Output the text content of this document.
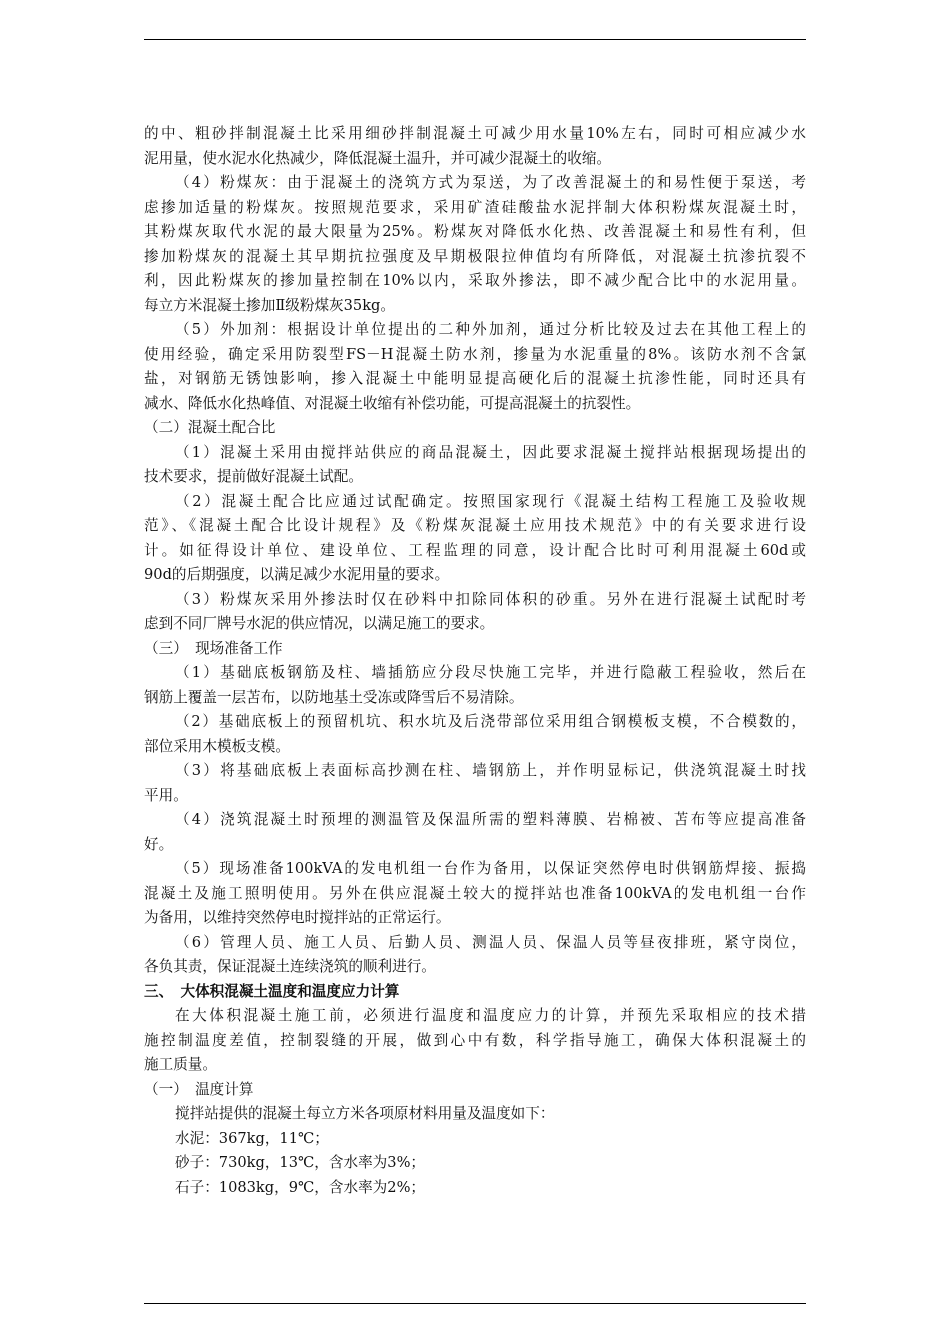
的中、粗砂拌制混凝土比采用细砂拌制混凝土可减少用水量10%左右，同时可相应减少水
泥用量，使水泥水化热减少，降低混凝土温升，并可减少混凝土的收缩。
（4）粉煤灰：由于混凝土的浇筑方式为泵送，为了改善混凝土的和易性便于泵送，考
虑掺加适量的粉煤灰。按照规范要求，采用矿渣硅酸盐水泥拌制大体积粉煤灰混凝土时，
其粉煤灰取代水泥的最大限量为25%。粉煤灰对降低水化热、改善混凝土和易性有利，但
掺加粉煤灰的混凝土其早期抗拉强度及早期极限拉伸值均有所降低，对混凝土抗渗抗裂不
利，因此粉煤灰的掺加量控制在10%以内，采取外掺法，即不减少配合比中的水泥用量。
每立方米混凝土掺加Ⅱ级粉煤灰35kg。
（5）外加剂：根据设计单位提出的二种外加剂，通过分析比较及过去在其他工程上的
使用经验，确定采用防裂型FS－H混凝土防水剂，掺量为水泥重量的8%。该防水剂不含氯
盐，对钢筋无锈蚀影响，掺入混凝土中能明显提高硬化后的混凝土抗渗性能，同时还具有
减水、降低水化热峰值、对混凝土收缩有补偿功能，可提高混凝土的抗裂性。
（二）混凝土配合比
（1）混凝土采用由搅拌站供应的商品混凝土，因此要求混凝土搅拌站根据现场提出的
技术要求，提前做好混凝土试配。
（2）混凝土配合比应通过试配确定。按照国家现行《混凝土结构工程施工及验收规
范》、《混凝土配合比设计规程》及《粉煤灰混凝土应用技术规范》中的有关要求进行设
计。如征得设计单位、建设单位、工程监理的同意，设计配合比时可利用混凝土60d或
90d的后期强度，以满足减少水泥用量的要求。
（3）粉煤灰采用外掺法时仅在砂料中扣除同体积的砂重。另外在进行混凝土试配时考
虑到不同厂牌号水泥的供应情况，以满足施工的要求。
（三）　现场准备工作
（1）基础底板钢筋及柱、墙插筋应分段尽快施工完毕，并进行隐蔽工程验收，然后在
钢筋上覆盖一层苫布，以防地基土受冻或降雪后不易清除。
（2）基础底板上的预留机坑、积水坑及后浇带部位采用组合钢模板支模，不合模数的，
部位采用木模板支模。
（3）将基础底板上表面标高抄测在柱、墙钢筋上，并作明显标记，供浇筑混凝土时找
平用。
（4）浇筑混凝土时预埋的测温管及保温所需的塑料薄膜、岩棉被、苫布等应提高准备
好。
（5）现场准备100kVA的发电机组一台作为备用，以保证突然停电时供钢筋焊接、振捣
混凝土及施工照明使用。另外在供应混凝土较大的搅拌站也准备100kVA的发电机组一台作
为备用，以维持突然停电时搅拌站的正常运行。
（6）管理人员、施工人员、后勤人员、测温人员、保温人员等昼夜排班，紧守岗位，
各负其责，保证混凝土连续浇筑的顺利进行。
三、　大体积混凝土温度和温度应力计算
在大体积混凝土施工前，必须进行温度和温度应力的计算，并预先采取相应的技术措
施控制温度差值，控制裂缝的开展，做到心中有数，科学指导施工，确保大体积混凝土的
施工质量。
（一）　温度计算
搅拌站提供的混凝土每立方米各项原材料用量及温度如下：
水泥：367kg，11℃；
砂子：730kg，13℃，含水率为3%；
石子：1083kg，9℃，含水率为2%；
